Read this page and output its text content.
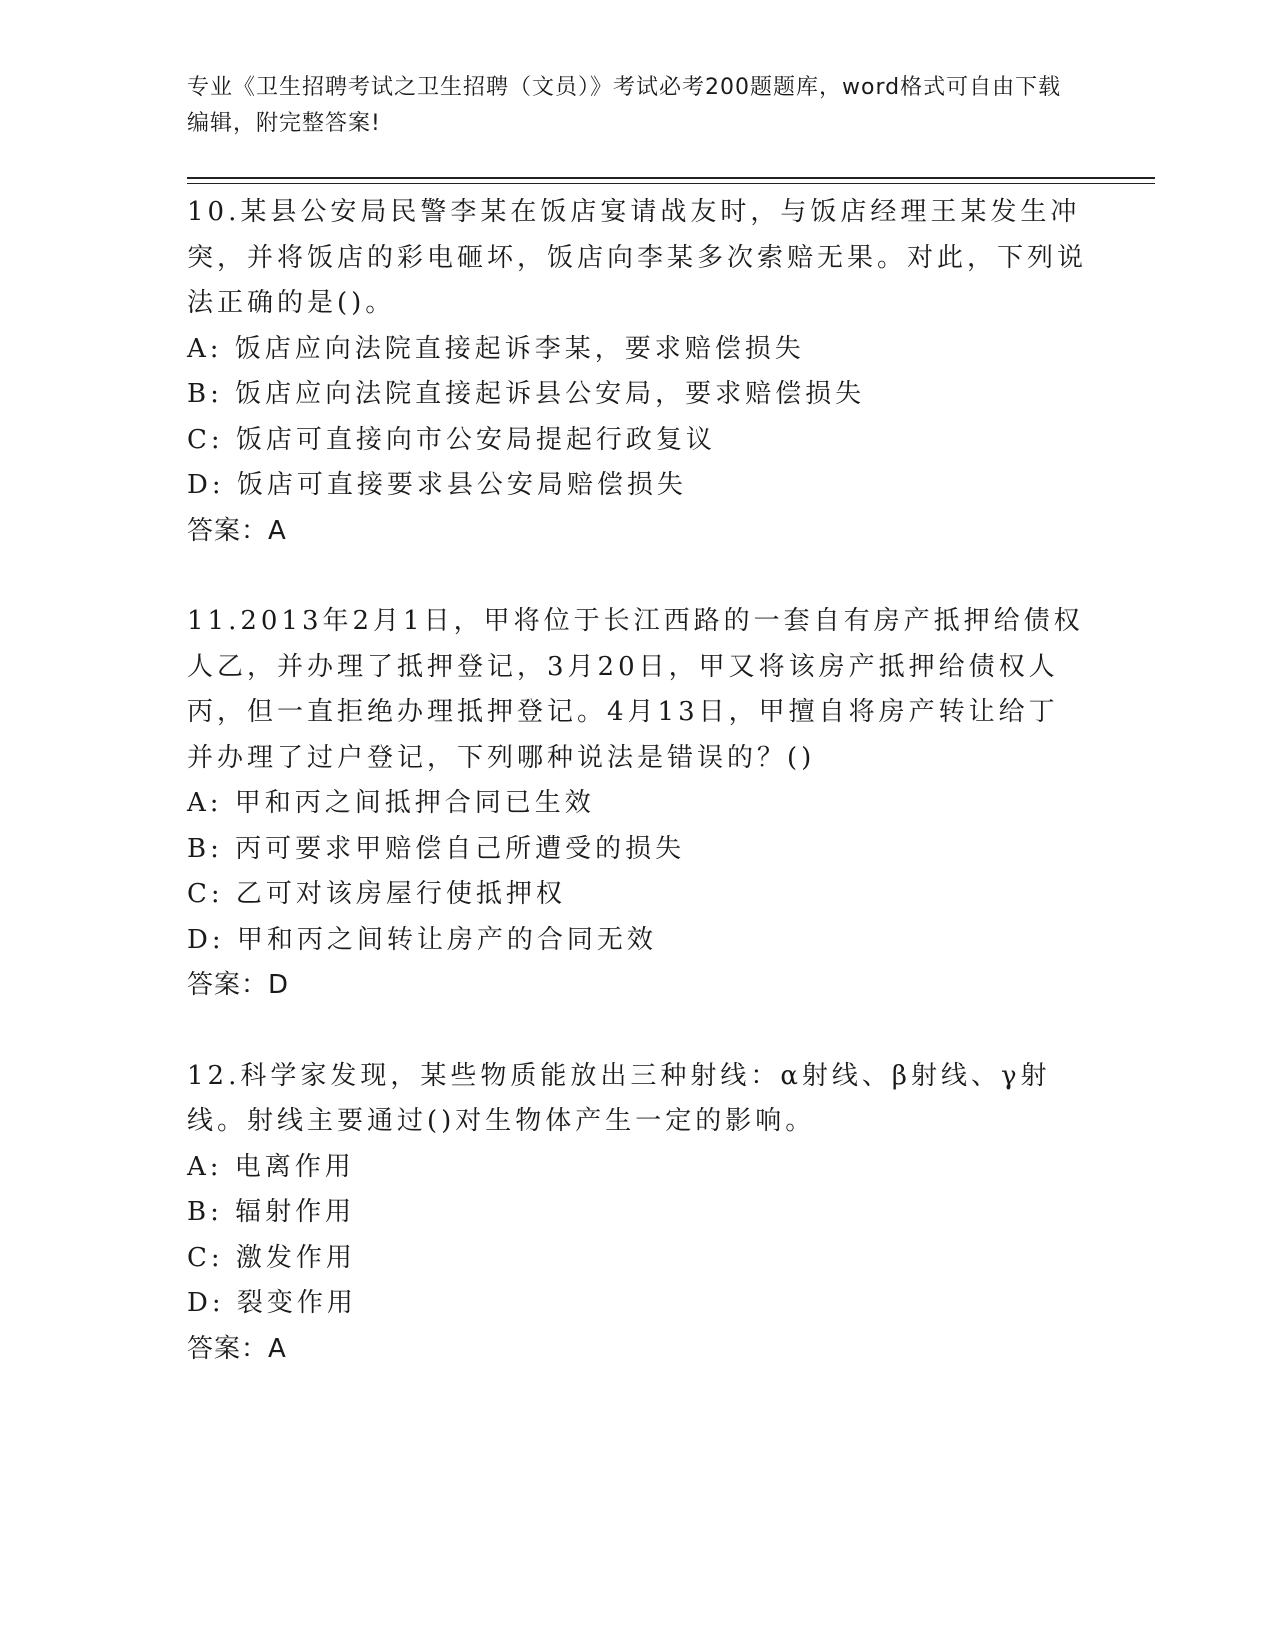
专业《卫生招聘考试之卫生招聘（文员）》考试必考200题题库，word格式可自由下载编辑，附完整答案!

10.某县公安局民警李某在饭店宴请战友时，与饭店经理王某发生冲突，并将饭店的彩电砸坏，饭店向李某多次索赔无果。对此，下列说法正确的是()。

A: 饭店应向法院直接起诉李某，要求赔偿损失

B: 饭店应向法院直接起诉县公安局，要求赔偿损失

C: 饭店可直接向市公安局提起行政复议

D: 饭店可直接要求县公安局赔偿损失

答案：A

11.2013年2月1日，甲将位于长江西路的一套自有房产抵押给债权人乙，并办理了抵押登记，3月20日，甲又将该房产抵押给债权人丙，但一直拒绝办理抵押登记。4月13日，甲擅自将房产转让给丁并办理了过户登记，下列哪种说法是错误的？()

A: 甲和丙之间抵押合同已生效

B: 丙可要求甲赔偿自己所遭受的损失

C: 乙可对该房屋行使抵押权

D: 甲和丙之间转让房产的合同无效

答案：D

12.科学家发现，某些物质能放出三种射线：α射线、β射线、γ射线。射线主要通过()对生物体产生一定的影响。

A: 电离作用

B: 辐射作用

C: 激发作用

D: 裂变作用

答案：A
